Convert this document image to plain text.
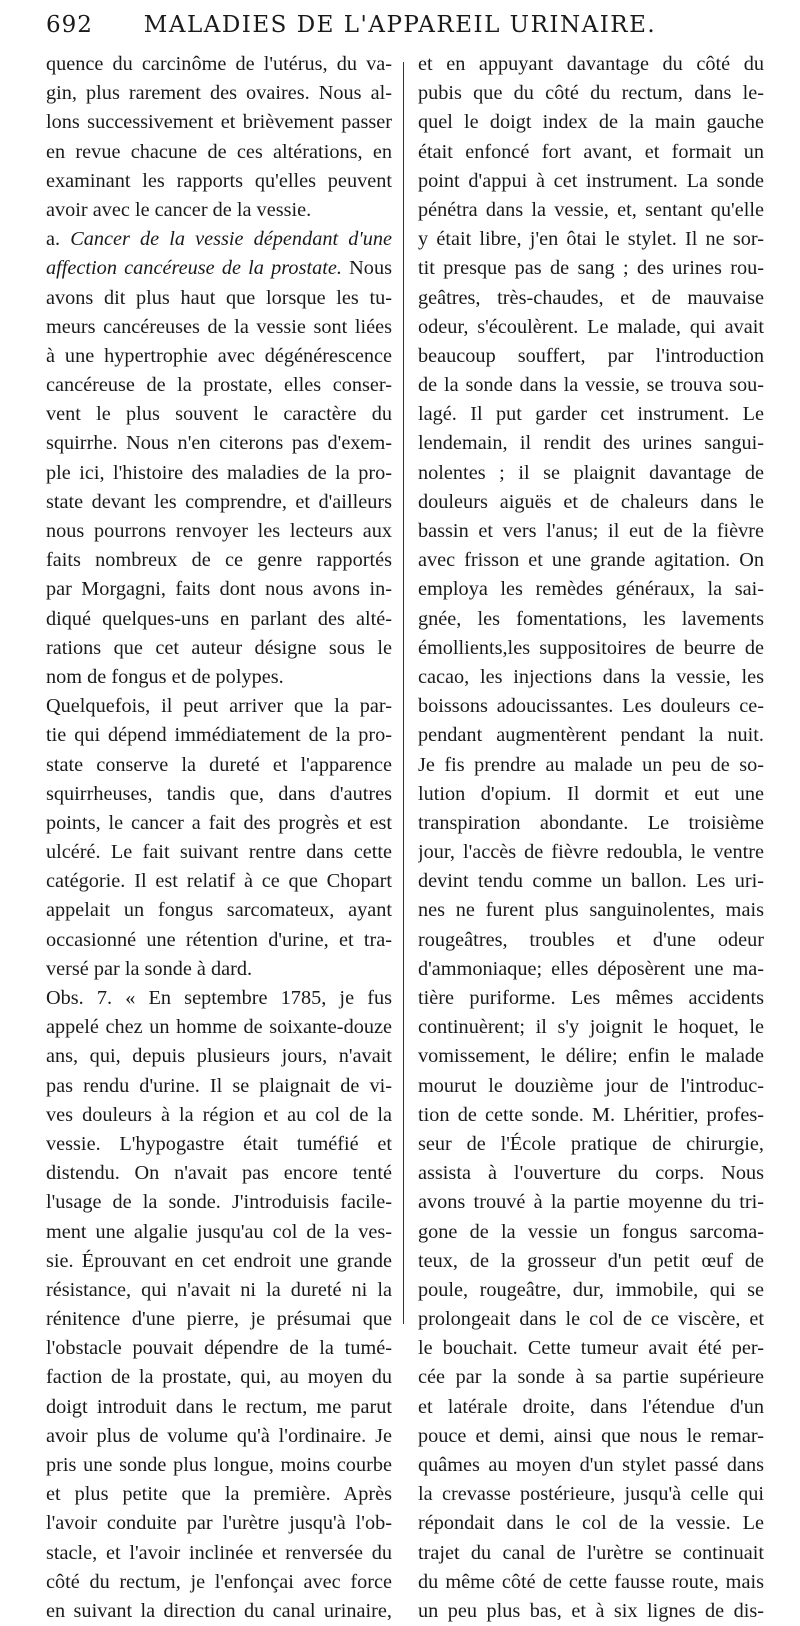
692	MALADIES DE L'APPAREIL URINAIRE.
quence du carcinôme de l'utérus, du va-
gin, plus rarement des ovaires. Nous al-
lons successivement et brièvement passer
en revue chacune de ces altérations, en
examinant les rapports qu'elles peuvent
avoir avec le cancer de la vessie.
a. Cancer de la vessie dépendant d'une
affection cancéreuse de la prostate. Nous
avons dit plus haut que lorsque les tu-
meurs cancéreuses de la vessie sont liées
à une hypertrophie avec dégénérescence
cancéreuse de la prostate, elles conser-
vent le plus souvent le caractère du
squirrhe. Nous n'en citerons pas d'exem-
ple ici, l'histoire des maladies de la pro-
state devant les comprendre, et d'ailleurs
nous pourrons renvoyer les lecteurs aux
faits nombreux de ce genre rapportés
par Morgagni, faits dont nous avons in-
diqué quelques-uns en parlant des alté-
rations que cet auteur désigne sous le
nom de fongus et de polypes.
Quelquefois, il peut arriver que la par-
tie qui dépend immédiatement de la pro-
state conserve la dureté et l'apparence
squirrheuses, tandis que, dans d'autres
points, le cancer a fait des progrès et est
ulcéré. Le fait suivant rentre dans cette
catégorie. Il est relatif à ce que Chopart
appelait un fongus sarcomateux, ayant
occasionné une rétention d'urine, et tra-
versé par la sonde à dard.
Obs. 7. « En septembre 1785, je fus
appelé chez un homme de soixante-douze
ans, qui, depuis plusieurs jours, n'avait
pas rendu d'urine. Il se plaignait de vi-
ves douleurs à la région et au col de la
vessie. L'hypogastre était tuméfié et
distendu. On n'avait pas encore tenté
l'usage de la sonde. J'introduisis facile-
ment une algalie jusqu'au col de la ves-
sie. Éprouvant en cet endroit une grande
résistance, qui n'avait ni la dureté ni la
rénitence d'une pierre, je présumai que
l'obstacle pouvait dépendre de la tumé-
faction de la prostate, qui, au moyen du
doigt introduit dans le rectum, me parut
avoir plus de volume qu'à l'ordinaire. Je
pris une sonde plus longue, moins courbe
et plus petite que la première. Après
l'avoir conduite par l'urètre jusqu'à l'ob-
stacle, et l'avoir inclinée et renversée du
côté du rectum, je l'enfonçai avec force
en suivant la direction du canal urinaire,
et en appuyant davantage du côté du
pubis que du côté du rectum, dans le-
quel le doigt index de la main gauche
était enfoncé fort avant, et formait un
point d'appui à cet instrument. La sonde
pénétra dans la vessie, et, sentant qu'elle
y était libre, j'en ôtai le stylet. Il ne sor-
tit presque pas de sang ; des urines rou-
geâtres, très-chaudes, et de mauvaise
odeur, s'écoulèrent. Le malade, qui avait
beaucoup souffert, par l'introduction
de la sonde dans la vessie, se trouva sou-
lagé. Il put garder cet instrument. Le
lendemain, il rendit des urines sangui-
nolentes ; il se plaignit davantage de
douleurs aiguës et de chaleurs dans le
bassin et vers l'anus; il eut de la fièvre
avec frisson et une grande agitation. On
employa les remèdes généraux, la sai-
gnée, les fomentations, les lavements
émollients,les suppositoires de beurre de
cacao, les injections dans la vessie, les
boissons adoucissantes. Les douleurs ce-
pendant augmentèrent pendant la nuit.
Je fis prendre au malade un peu de so-
lution d'opium. Il dormit et eut une
transpiration abondante. Le troisième
jour, l'accès de fièvre redoubla, le ventre
devint tendu comme un ballon. Les uri-
nes ne furent plus sanguinolentes, mais
rougeâtres, troubles et d'une odeur
d'ammoniaque; elles déposèrent une ma-
tière puriforme. Les mêmes accidents
continuèrent; il s'y joignit le hoquet, le
vomissement, le délire; enfin le malade
mourut le douzième jour de l'introduc-
tion de cette sonde. M. Lhéritier, profes-
seur de l'École pratique de chirurgie,
assista à l'ouverture du corps. Nous
avons trouvé à la partie moyenne du tri-
gone de la vessie un fongus sarcoma-
teux, de la grosseur d'un petit œuf de
poule, rougeâtre, dur, immobile, qui se
prolongeait dans le col de ce viscère, et
le bouchait. Cette tumeur avait été per-
cée par la sonde à sa partie supérieure
et latérale droite, dans l'étendue d'un
pouce et demi, ainsi que nous le remar-
quâmes au moyen d'un stylet passé dans
la crevasse postérieure, jusqu'à celle qui
répondait dans le col de la vessie. Le
trajet du canal de l'urètre se continuait
du même côté de cette fausse route, mais
un peu plus bas, et à six lignes de dis-
